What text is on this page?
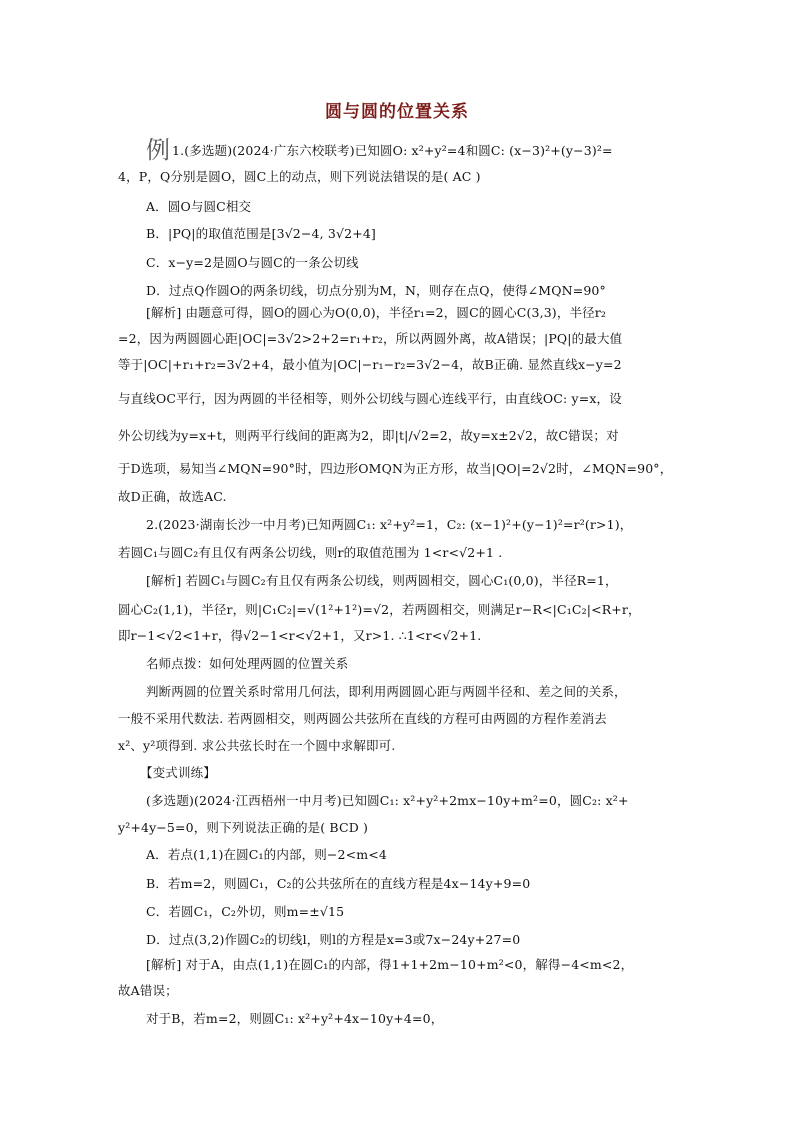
圆与圆的位置关系
例 1.(多选题)(2024·广东六校联考)已知圆O: x²+y²=4和圆C: (x−3)²+(y−3)²=
4，P，Q分别是圆O，圆C上的动点，则下列说法错误的是( AC )
A．圆O与圆C相交
B．|PQ|的取值范围是[3√2−4, 3√2+4]
C．x−y=2是圆O与圆C的一条公切线
D．过点Q作圆O的两条切线，切点分别为M，N，则存在点Q，使得∠MQN=90°
[解析] 由题意可得，圆O的圆心为O(0,0)，半径r₁=2，圆C的圆心C(3,3)，半径r₂
=2，因为两圆圆心距|OC|=3√2>2+2=r₁+r₂，所以两圆外离，故A错误；|PQ|的最大值
等于|OC|+r₁+r₂=3√2+4，最小值为|OC|−r₁−r₂=3√2−4，故B正确. 显然直线x−y=2
与直线OC平行，因为两圆的半径相等，则外公切线与圆心连线平行，由直线OC: y=x，设
外公切线为y=x+t，则两平行线间的距离为2，即|t|/√2=2，故y=x±2√2，故C错误；对
于D选项，易知当∠MQN=90°时，四边形OMQN为正方形，故当|QO|=2√2时，∠MQN=90°，
故D正确，故选AC.
2.(2023·湖南长沙一中月考)已知两圆C₁: x²+y²=1，C₂: (x−1)²+(y−1)²=r²(r>1)，
若圆C₁与圆C₂有且仅有两条公切线，则r的取值范围为 1<r<√2+1 .
[解析] 若圆C₁与圆C₂有且仅有两条公切线，则两圆相交，圆心C₁(0,0)，半径R=1，
圆心C₂(1,1)，半径r，则|C₁C₂|=√(1²+1²)=√2，若两圆相交，则满足r−R<|C₁C₂|<R+r，
即r−1<√2<1+r，得√2−1<r<√2+1，又r>1. ∴1<r<√2+1.
名师点拨：如何处理两圆的位置关系
判断两圆的位置关系时常用几何法，即利用两圆圆心距与两圆半径和、差之间的关系，
一般不采用代数法. 若两圆相交，则两圆公共弦所在直线的方程可由两圆的方程作差消去
x²、y²项得到. 求公共弦长时在一个圆中求解即可.
【变式训练】
(多选题)(2024·江西梧州一中月考)已知圆C₁: x²+y²+2mx−10y+m²=0，圆C₂: x²+
y²+4y−5=0，则下列说法正确的是( BCD )
A．若点(1,1)在圆C₁的内部，则−2<m<4
B．若m=2，则圆C₁，C₂的公共弦所在的直线方程是4x−14y+9=0
C．若圆C₁，C₂外切，则m=±√15
D．过点(3,2)作圆C₂的切线l，则l的方程是x=3或7x−24y+27=0
[解析] 对于A，由点(1,1)在圆C₁的内部，得1+1+2m−10+m²<0，解得−4<m<2，
故A错误；
对于B，若m=2，则圆C₁: x²+y²+4x−10y+4=0，
